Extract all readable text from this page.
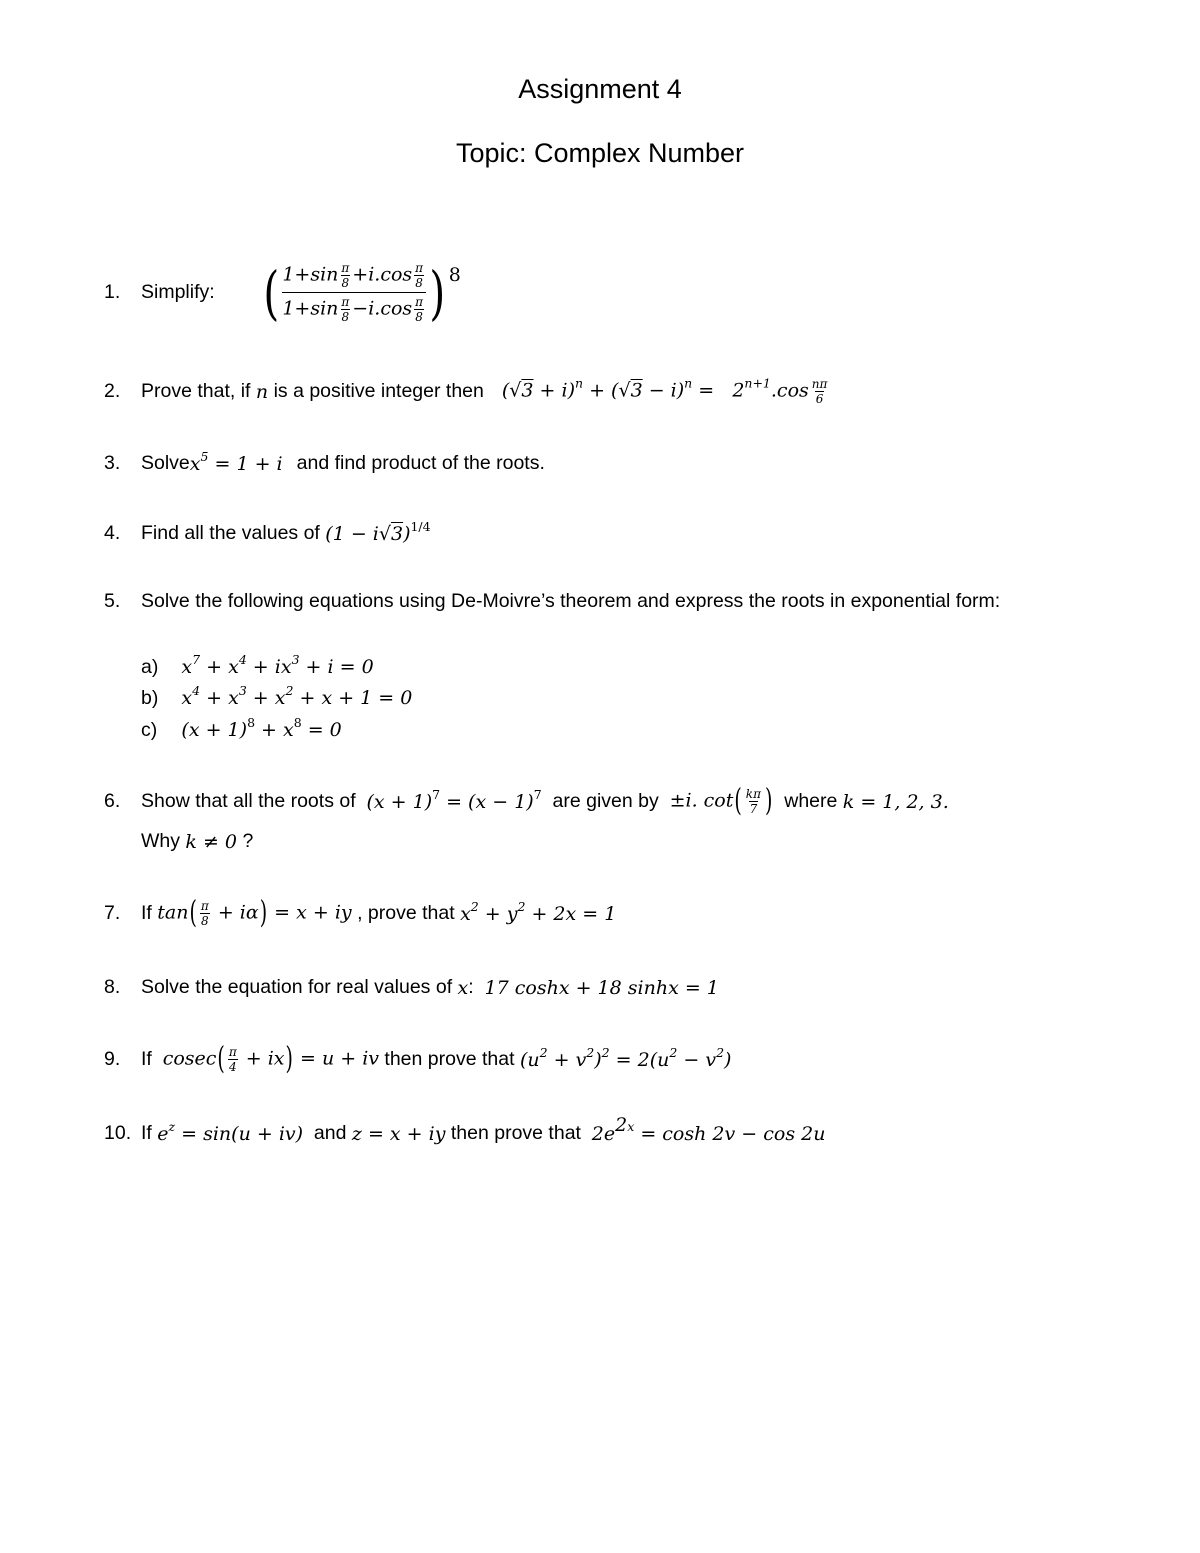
Assignment 4
Topic: Complex Number
1.	Simplify: ( $1+\sin \frac{\pi}{8} +i.\cos \frac{\pi}{8}$
$1+\sin \frac{\pi}{8} -i.\cos \frac{\pi}{8}$ ) 8
2.	Prove that, if
n
is a positive integer then $(√3 + i)^n + (√3 - i)^n = 2^{n+1}.\cos \frac{n\pi}{6}$
3.	Solve $x^5 = 1 + i$ and find product of the roots.
4.	Find all the values of
$(1 - i√3)^{1/4}$
5.	Solve the following equations using De-Moivre’s theorem and express the roots in exponential form:
a) $x^7 + x^4 + ix^3 + i = 0$
b) $x^4 + x^3 + x^2 + x + 1 = 0$
c) $(x + 1)^8 + x^8 = 0$
6.	Show that all the roots of
$(x + 1)^7 = (x - 1)^7$
are given by
±i. $\cot( \frac{k\pi}{7}$ )
where
k = 1, 2, 3.
Why
k ≠ 0 ?
7.	If
$\tan( \frac{\pi}{8} + i\alpha) = x$ + iy
, prove that
$x^2 + y^2 + 2x = 1$
8.	Solve the equation for real values of
x : 17 coshx + 18 sinhx = 1
9.	If
$cosec( \frac{\pi}{4} + ix) = u$ + iv
then prove that
$(u^2 + v^2)^2 = 2(u^2 - v^2)$
10. If
$e^z = \sin(u + iv)$
and
z = x + iy
then prove that
$2e^{2x} = \cosh 2v - \cos 2u$
